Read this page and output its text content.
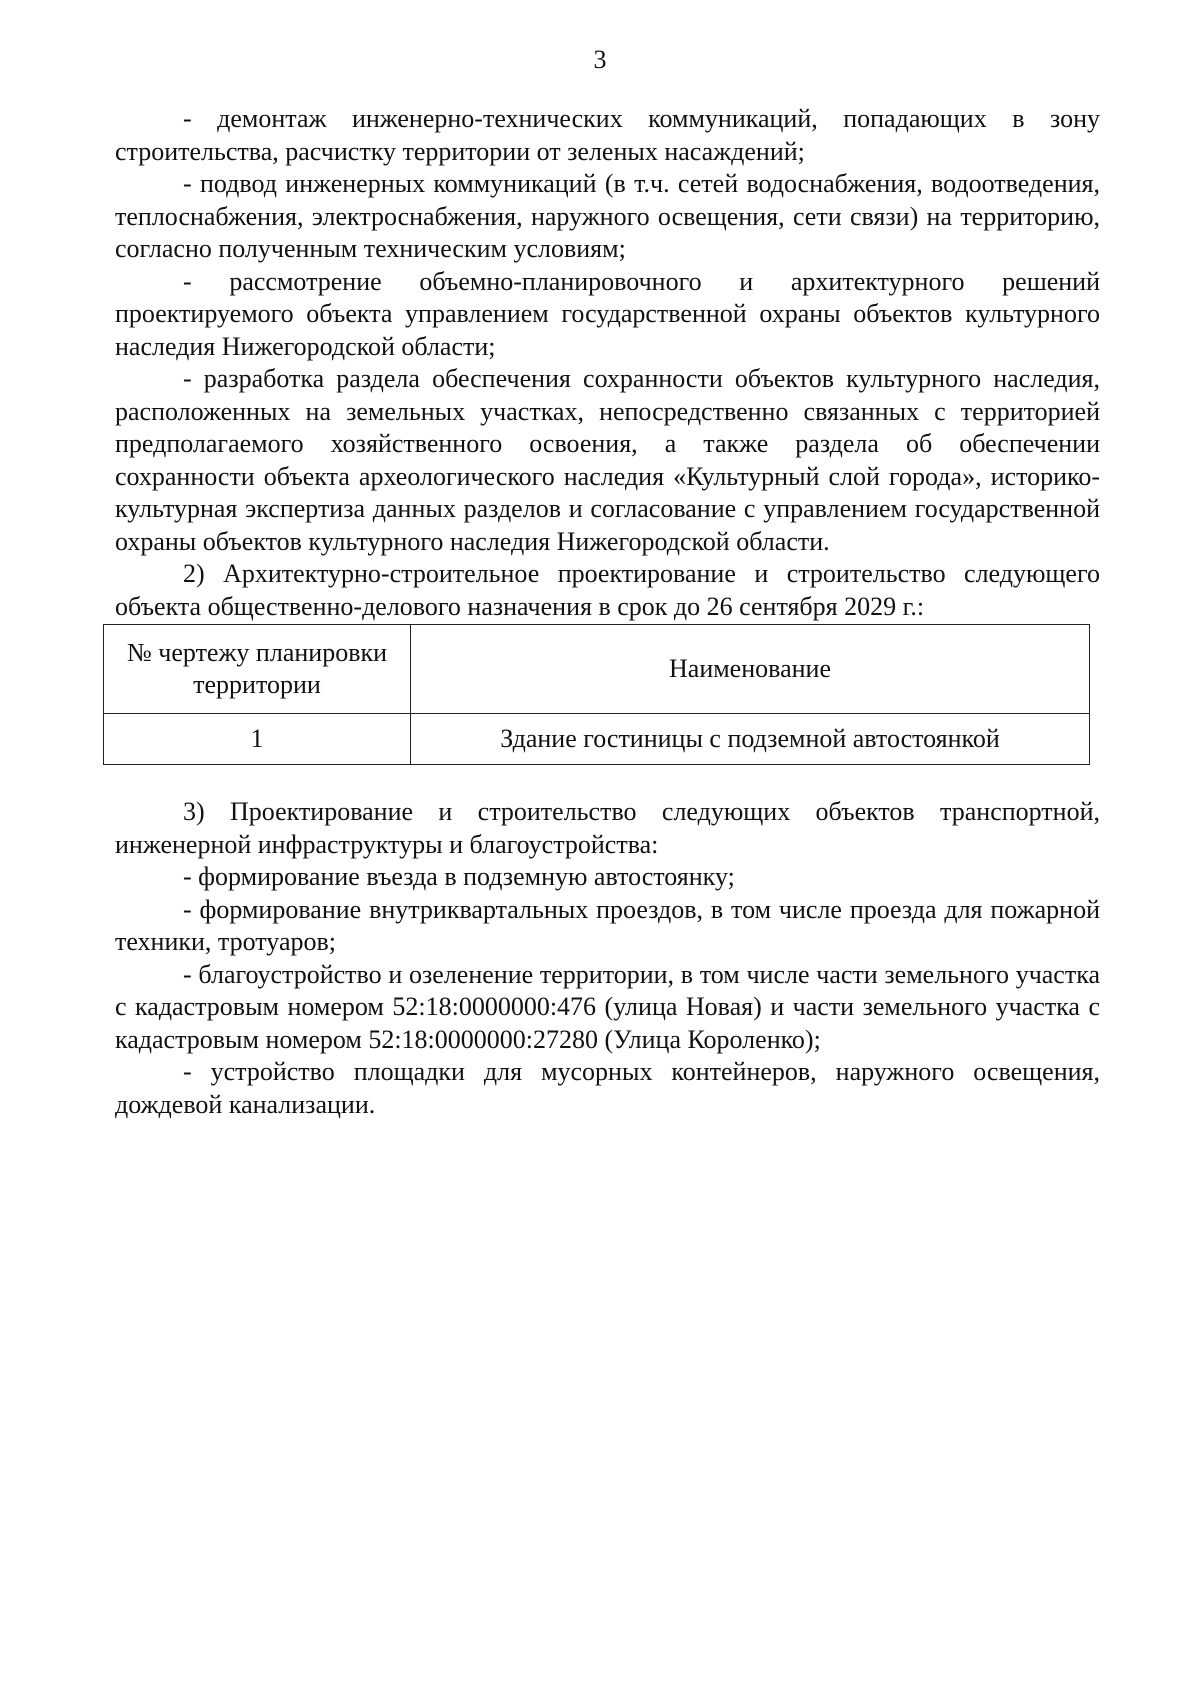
3

- демонтаж инженерно-технических коммуникаций, попадающих в зону строительства, расчистку территории от зеленых насаждений;

- подвод инженерных коммуникаций (в т.ч. сетей водоснабжения, водоотведения, теплоснабжения, электроснабжения, наружного освещения, сети связи) на территорию, согласно полученным техническим условиям;

- рассмотрение объемно-планировочного и архитектурного решений проектируемого объекта управлением государственной охраны объектов культурного наследия Нижегородской области;

- разработка раздела обеспечения сохранности объектов культурного наследия, расположенных на земельных участках, непосредственно связанных с территорией предполагаемого хозяйственного освоения, а также раздела об обеспечении сохранности объекта археологического наследия «Культурный слой города», историко-культурная экспертиза данных разделов и согласование с управлением государственной охраны объектов культурного наследия Нижегородской области.

2) Архитектурно-строительное проектирование и строительство следующего объекта общественно-делового назначения в срок до 26 сентября 2029 г.:

№ чертежу планировки территории	Наименование
1	Здание гостиницы с подземной автостоянкой

3) Проектирование и строительство следующих объектов транспортной, инженерной инфраструктуры и благоустройства:

- формирование въезда в подземную автостоянку;

- формирование внутриквартальных проездов, в том числе проезда для пожарной техники, тротуаров;

- благоустройство и озеленение территории, в том числе части земельного участка с кадастровым номером 52:18:0000000:476 (улица Новая) и части земельного участка с кадастровым номером 52:18:0000000:27280 (Улица Короленко);

- устройство площадки для мусорных контейнеров, наружного освещения, дождевой канализации.
